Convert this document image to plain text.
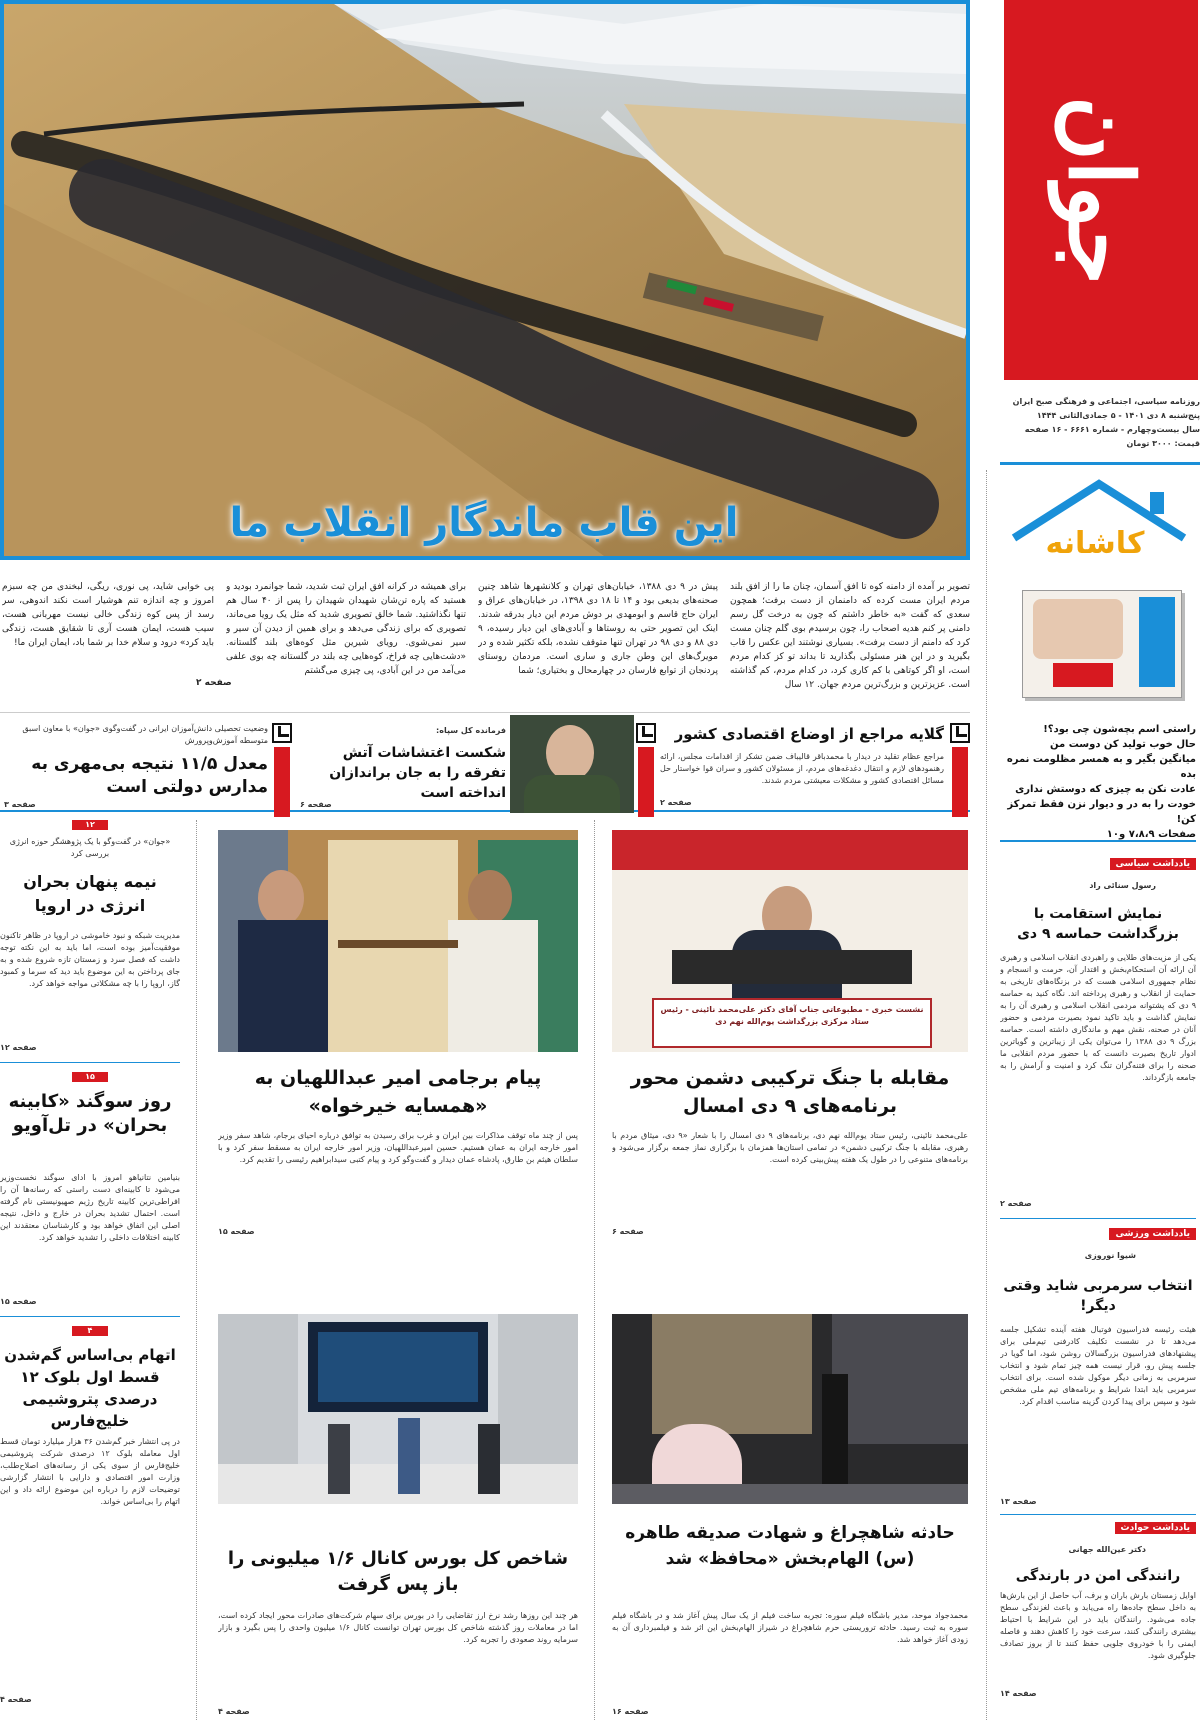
این قاب ماندگار انقلاب ما
جوان
روزنامه سیاسی، اجتماعی و فرهنگی صبح ایران
پنج‌شنبه ۸ دی ۱۴۰۱ - ۵ جمادی‌الثانی ۱۴۴۴
سال بیست‌وچهارم - شماره ۶۶۶۱ - ۱۶ صفحه
قیمت: ۳۰۰۰ تومان
کاشانه
راستی اسم بچه‌شون چی بود؟!
حال خوب تولید کن دوست من
میانگین بگیر و به همسر مظلومت نمره بده
عادت نکن به چیزی که دوستش نداری
خودت را به در و دیوار نزن فقط تمرکز کن!
صفحات ۷،۸،۹ و۱۰
یادداشت سیاسی
رسول سنائی راد
نمایش استقامت با بزرگداشت حماسه ۹ دی
یکی از مزیت‌های طلایی و راهبردی انقلاب اسلامی و رهبری آن ارائه آن استحکام‌بخش و اقتدار آن، حرمت و انسجام و نظام جمهوری اسلامی هست که در بزنگاه‌های تاریخی به حمایت از انقلاب و رهبری پرداخته اند. نگاه کنید به حماسه ۹ دی که پشتوانه مردمی انقلاب اسلامی و رهبری آن را به نمایش گذاشت و باید تاکید نمود بصیرت مردمی و حضور آنان در صحنه، نقش مهم و ماندگاری داشته است. حماسه بزرگ ۹ دی ۱۳۸۸ را می‌توان یکی از زیباترین و گویاترین ادوار تاریخ بصیرت دانست که با حضور مردم انقلابی ما صحنه را برای فتنه‌گران تنگ کرد و امنیت و آرامش را به جامعه بازگرداند.
صفحه ۲
یادداشت ورزشی
شیوا نوروزی
انتخاب سرمربی شاید وقتی دیگر!
هیئت رئیسه فدراسیون فوتبال هفته آینده تشکیل جلسه می‌دهد تا در نشست تکلیف کادرفنی تیم‌ملی برای پیشنهادهای فدراسیون بزرگسالان روشن شود، اما گویا در جلسه پیش رو، قرار نیست همه چیز تمام شود و انتخاب سرمربی به زمانی دیگر موکول شده است. برای انتخاب سرمربی باید ابتدا شرایط و برنامه‌های تیم ملی مشخص شود و سپس برای پیدا کردن گزینه مناسب اقدام کرد.
صفحه ۱۳
یادداشت حوادث
دکتر عین‌الله جهانی
رانندگی امن در بارندگی
اوایل زمستان بارش باران و برف، آب حاصل از این بارش‌ها به داخل سطح جاده‌ها راه می‌یابد و باعث لغزندگی سطح جاده می‌شود. رانندگان باید در این شرایط با احتیاط بیشتری رانندگی کنند، سرعت خود را کاهش دهند و فاصله ایمنی را با خودروی جلویی حفظ کنند تا از بروز تصادف جلوگیری شود.
صفحه ۱۴
تصویر بر آمده از دامنه کوه تا افق آسمان، چنان ما را از افق بلند مردم ایران مست کرده که دامنمان از دست برفت؛ همچون سعدی که گفت «به خاطر داشتم که چون به درخت گل رسم دامنی پر کنم هدیه اصحاب را، چون برسیدم بوی گلم چنان مست کرد که دامنم از دست برفت». بسیاری نوشتند این عکس را قاب بگیرید و در این هنر مسئولی بگذارید تا بداند تو کز کدام مردم است، او اگر کوتاهی با کم کاری کرد، در کدام مردم، کم گذاشته است. عزیزترین و بزرگ‌ترین مردم جهان. ۱۲ سال
پیش در ۹ دی ۱۳۸۸، خیابان‌های تهران و کلانشهرها شاهد چنین صحنه‌های بدیعی بود و ۱۴ تا ۱۸ دی ۱۳۹۸، در خیابان‌های عراق و ایران حاج قاسم و ابومهدی بر دوش مردم این ‌دیار بدرقه شدند. اینک این تصویر حتی به روستاها و آبادی‌های این دیار رسیده، ۹ دی ۸۸ و دی ۹۸ در تهران تنها متوقف نشده، بلکه تکثیر شده و در مویرگ‌های این وطن جاری و ساری است. مردمان روستای پردنجان از توابع فارسان در چهارمحال و بختیاری؛ شما
برای همیشه در کرانه افق ایران ثبت شدید، شما جوانمرد بودید و هستید که پاره تن‌شان شهیدان شهیدان را پس از ۴۰ سال هم تنها نگذاشتید. شما خالق تصویری شدید که مثل یک رویا می‌ماند، تصویری که برای زندگی می‌دهد و برای همین از دیدن آن سیر و سیر نمی‌شوی. رویای شیرین مثل کوه‌های بلند گلستانه. «دشت‌هایی چه فراخ، کوه‌هایی چه بلند در گلستانه چه بوی علفی می‌آمد من در این آبادی، پی چیزی می‌گشتم
پی خوابی شاید، پی نوری، ریگی، لبخندی من چه سبزم امروز و چه اندازه تنم هوشیار است نکند اندوهی، سر رسد از پس کوه زندگی خالی نیست مهربانی هست، سیب هست، ایمان هست آری تا شقایق هست، زندگی باید کرد» درود و سلام خدا بر شما باد، ایمان ایران ما!
صفحه ۲
گلایه مراجع از اوضاع اقتصادی کشور
مراجع عظام تقلید در دیدار با محمدباقر قالیباف ضمن تشکر از اقدامات مجلس، ارائه رهنمودهای لازم و انتقال دغدغه‌های مردم، از مسئولان کشور و سران قوا خواستار حل مسائل اقتصادی کشور و مشکلات معیشتی مردم شدند.
صفحه ۲
فرمانده کل سپاه:
شکست اغتشاشات آتش تفرقه را به جان براندازان انداخته است
صفحه ۶
وضعیت تحصیلی دانش‌آموزان ایرانی در گفت‌وگوی «جوان» با معاون اسبق متوسطه آموزش‌وپرورش
معدل ۱۱/۵ نتیجه بی‌مهری به مدارس دولتی است
صفحه ۳
۱۲
«جوان» در گفت‌وگو با یک پژوهشگر حوزه انرژی بررسی کرد
نیمه پنهان بحران انرژی در اروپا
مدیریت شبکه و نبود خاموشی در اروپا در ظاهر تاکنون موفقیت‌آمیز بوده است، اما باید به این نکته توجه داشت که فصل سرد و زمستان تازه شروع شده و به جای پرداختن به این موضوع باید دید که سرما و کمبود گاز، اروپا را با چه مشکلاتی مواجه خواهد کرد.
صفحه ۱۲
۱۵
روز سوگند «کابینه بحران» در تل‌آویو
بنیامین نتانیاهو امروز با ادای سوگند نخست‌وزیر می‌شود تا کابینه‌ای دست راستی که رسانه‌ها آن را افراطی‌ترین کابینه تاریخ رژیم صهیونیستی نام گرفته است. احتمال تشدید بحران در خارج و داخل، نتیجه اصلی این اتفاق خواهد بود و کارشناسان معتقدند این کابینه اختلافات داخلی را تشدید خواهد کرد.
صفحه ۱۵
۴
اتهام بی‌اساس گم‌شدن قسط اول بلوک ۱۲ درصدی پتروشیمی خلیج‌فارس
در پی انتشار خبر گم‌شدن ۳۶ هزار میلیارد تومان قسط اول معامله بلوک ۱۲ درصدی شرکت پتروشیمی خلیج‌فارس از سوی یکی از رسانه‌های اصلاح‌طلب، وزارت امور اقتصادی و دارایی با انتشار گزارشی توضیحات لازم را درباره این موضوع ارائه داد و این اتهام را بی‌اساس خواند.
صفحه ۴
نشست خبری - مطبوعاتی جناب آقای دکتر علی‌محمد نائینی - رئیس ستاد مرکزی بزرگداشت یوم‌الله نهم دی
مقابله با جنگ ترکیبی دشمن محور برنامه‌های ۹ دی امسال
علی‌محمد نائینی، رئیس ستاد یوم‌الله نهم دی، برنامه‌های ۹ دی امسال را با شعار «۹ دی، میثاق مردم با رهبری، مقابله با جنگ ترکیبی دشمن» در تمامی استان‌ها همزمان با برگزاری نماز جمعه برگزار می‌شود و برنامه‌های متنوعی را در طول یک هفته پیش‌بینی کرده است.
صفحه ۶
پیام برجامی امیر عبداللهیان به «همسایه خیرخواه»
پس از چند ماه توقف مذاکرات بین ایران و غرب برای رسیدن به توافق درباره احیای برجام، شاهد سفر وزیر امور خارجه ایران به عمان هستیم. حسین امیرعبداللهیان، وزیر امور خارجه ایران به مسقط سفر کرد و با سلطان هیثم بن طارق، پادشاه عمان دیدار و گفت‌وگو کرد و پیام کتبی سیدابراهیم رئیسی را تقدیم کرد.
صفحه ۱۵
حادثه شاهچراغ و شهادت صدیقه طاهره (س) الهام‌بخش «محافظ» شد
محمدجواد موحد، مدیر باشگاه فیلم سوره: تجربه ساخت فیلم از یک‌ سال پیش آغاز شد و در باشگاه فیلم سوره به ثبت رسید. حادثه تروریستی حرم شاهچراغ در شیراز الهام‌بخش این اثر شد و فیلمبرداری آن به زودی آغاز خواهد شد.
صفحه ۱۶
شاخص کل بورس کانال ۱/۶ میلیونی را باز پس گرفت
هر چند این روزها رشد نرخ ارز تقاضایی را در بورس برای سهام شرکت‌های صادرات محور ایجاد کرده است، اما در معاملات روز گذشته شاخص کل بورس تهران توانست کانال ۱/۶ میلیون واحدی را پس بگیرد و بازار سرمایه روند صعودی را تجربه کرد.
صفحه ۴
